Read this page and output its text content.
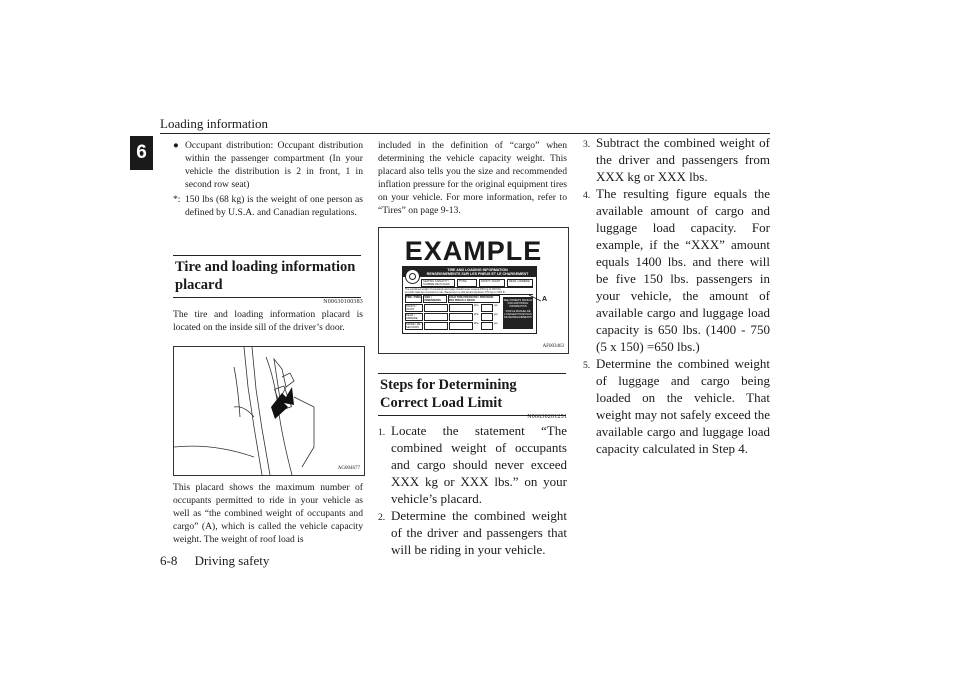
Loading information
6	● Occupant distribution: Occupant distribution within the passenger compartment (In your vehicle the distribution is 2 in front, 1 in second row seat)
*: 150 lbs (68 kg) is the weight of one person as defined by U.S.A. and Canadian regulations.
Tire and loading information placard
N00630100383
The tire and loading information placard is located on the inside sill of the driver’s door.
AG004677
This placard shows the maximum number of occupants permitted to ride in your vehicle as well as “the combined weight of occupants and cargo” (A), which is called the vehicle capacity weight. The weight of roof load is
included in the definition of “cargo” when determining the vehicle capacity weight. This placard also tells you the size and recommended inflation pressure for the original equipment tires on your vehicle. For more information, refer to “Tires” on page 9-13.
EXAMPLE
TIRE AND LOADING INFORMATION
RENSEIGNEMENTS SUR LES PNEUS ET LE CHARGEMENT
SEATING CAPACITY / NOMBRE DE PLACES
TOTAL	FRONT / AVANT	REAR / ARRIERE
The combined weight of occupants and cargo should never exceed XXX kg or XXX lbs.
Le poids total des occupants et du chargement ne doit jamais dépasser XXX kg ou XXX lb.
TIRE / PNEU	SIZE / DIMENSIONS
COLD TIRE PRESSURE / PRESSION DES PNEUS A FROID
FRONT / AVANT
kPa	psi
REAR / ARRIERE
kPa	psi
SPARE / DE SECOURS
kPa	psi
SEE OWNER'S MANUAL FOR ADDITIONAL INFORMATION
VOIR LE MANUEL DE L'USAGER POUR PLUS DE RENSEIGNEMENTS
A
AF003463
Steps for Determining Correct Load Limit
N00630201251
1. Locate the statement “The combined weight of occupants and cargo should never exceed XXX kg or XXX lbs.” on your vehicle’s placard.
2. Determine the combined weight of the driver and passengers that will be riding in your vehicle.
3. Subtract the combined weight of the driver and passengers from XXX kg or XXX lbs.
4. The resulting figure equals the available amount of cargo and luggage load capacity. For example, if the “XXX” amount equals 1400 lbs. and there will be five 150 lbs. passengers in your vehicle, the amount of available cargo and luggage load capacity is 650 lbs. (1400 - 750 (5 x 150) =650 lbs.)
5. Determine the combined weight of luggage and cargo being loaded on the vehicle. That weight may not safely exceed the available cargo and luggage load capacity calculated in Step 4.
6-8 Driving safety
